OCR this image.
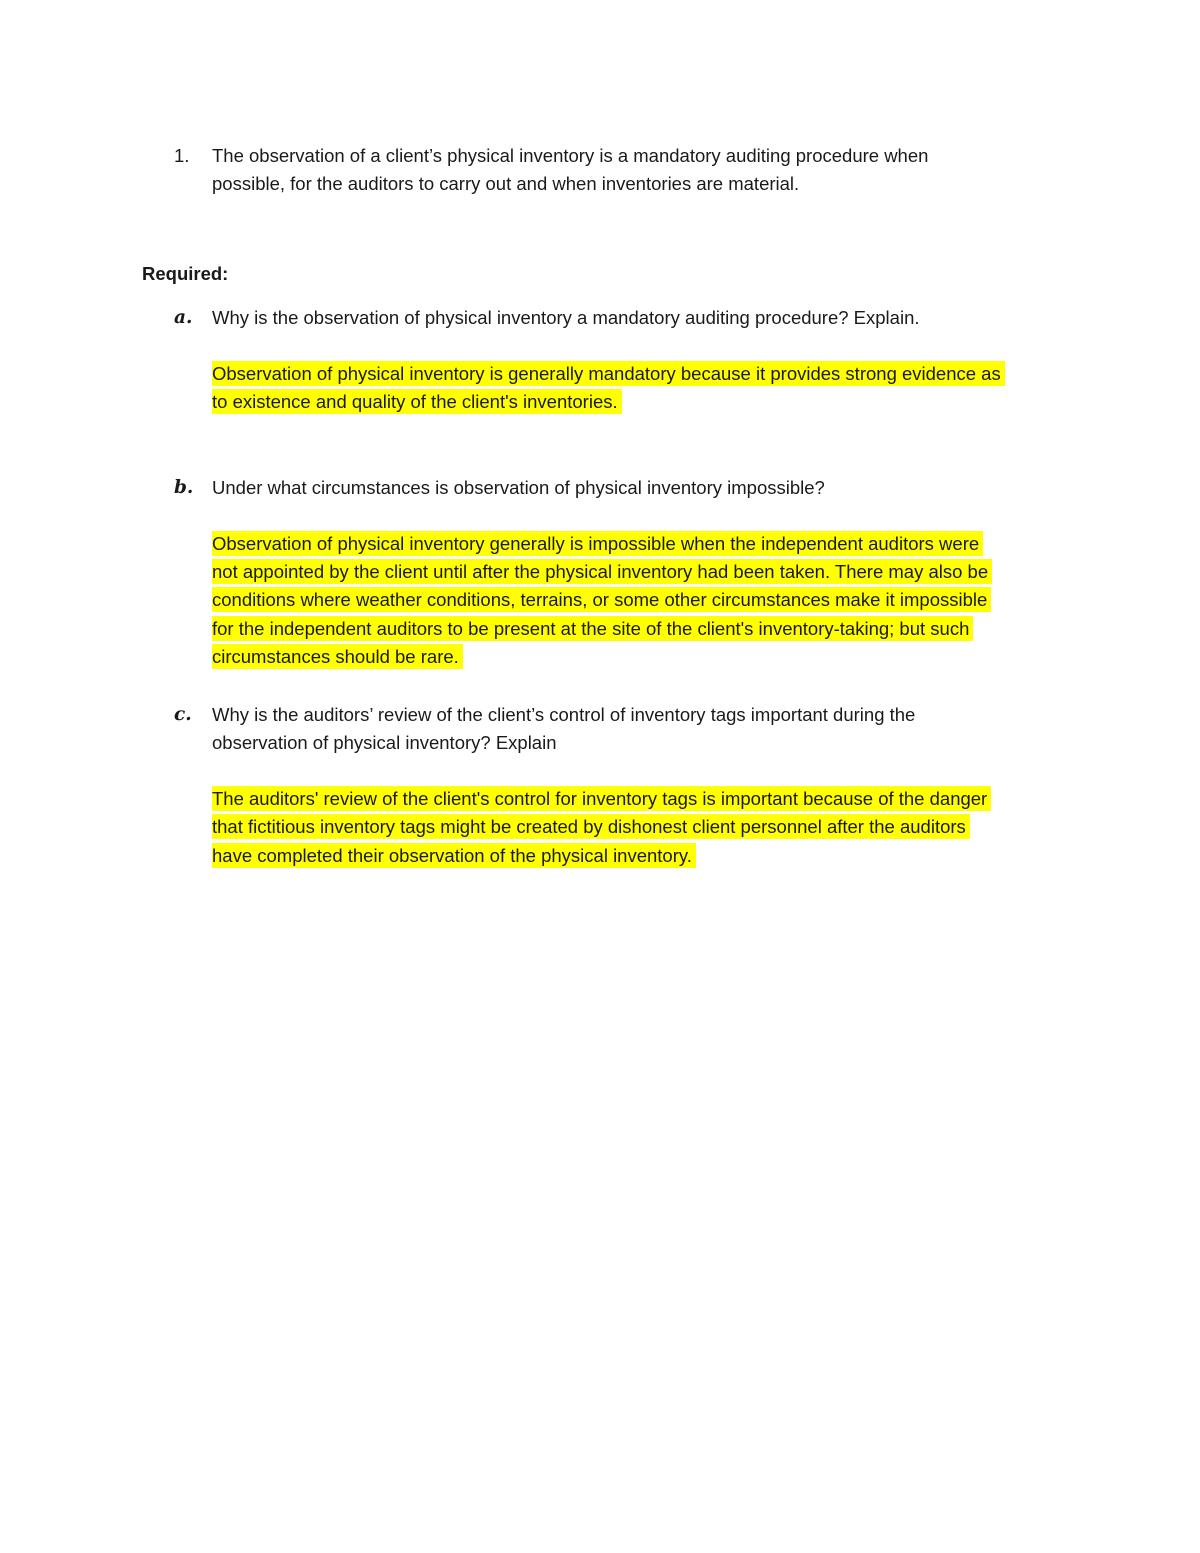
1. The observation of a client’s physical inventory is a mandatory auditing procedure when
possible, for the auditors to carry out and when inventories are material.
Required:
a. Why is the observation of physical inventory a mandatory auditing procedure? Explain.
Observation of physical inventory is generally mandatory because it provides strong evidence as
to existence and quality of the client's inventories.
b. Under what circumstances is observation of physical inventory impossible?
Observation of physical inventory generally is impossible when the independent auditors were
not appointed by the client until after the physical inventory had been taken. There may also be
conditions where weather conditions, terrains, or some other circumstances make it impossible
for the independent auditors to be present at the site of the client's inventory-taking; but such
circumstances should be rare.
c. Why is the auditors’ review of the client’s control of inventory tags important during the
observation of physical inventory? Explain
The auditors' review of the client's control for inventory tags is important because of the danger
that fictitious inventory tags might be created by dishonest client personnel after the auditors
have completed their observation of the physical inventory.
